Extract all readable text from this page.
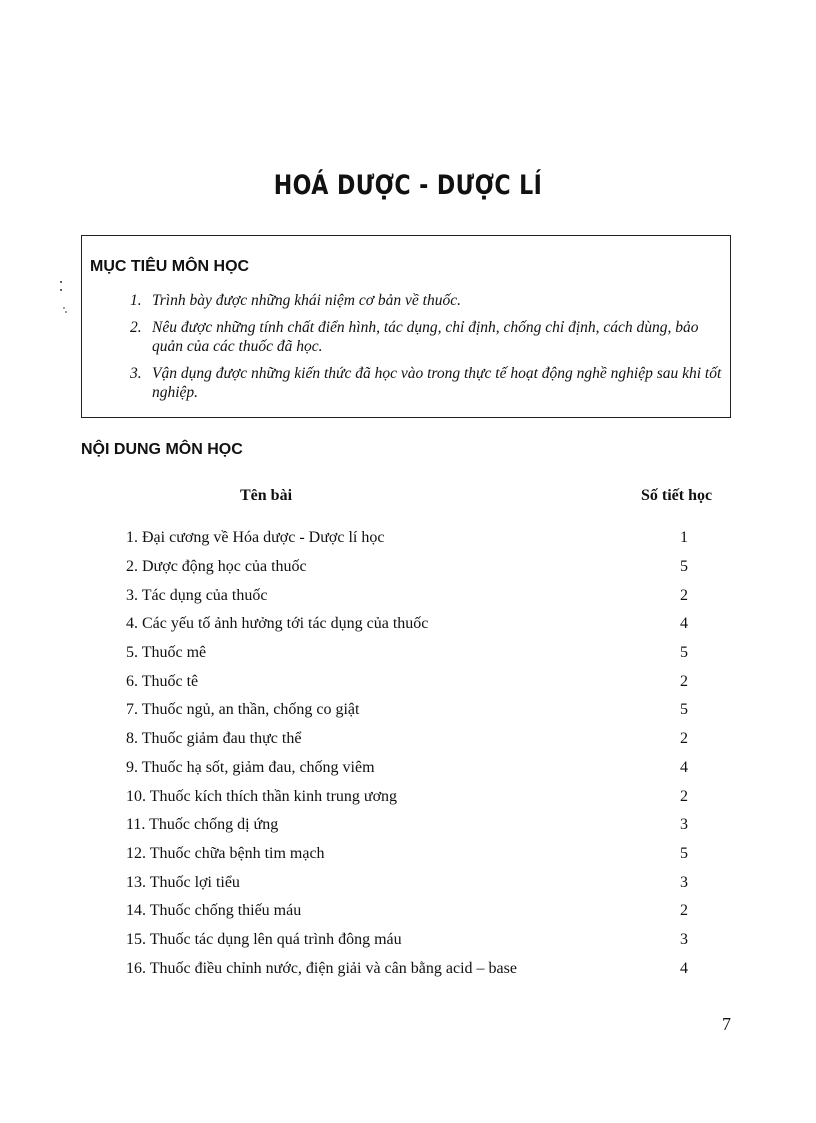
HOÁ DƯỢC - DƯỢC LÍ
MỤC TIÊU MÔN HỌC
1. Trình bày được những khái niệm cơ bản về thuốc.
2. Nêu được những tính chất điển hình, tác dụng, chỉ định, chống chỉ định, cách dùng, bảo quản của các thuốc đã học.
3. Vận dụng được những kiến thức đã học vào trong thực tế hoạt động nghề nghiệp sau khi tốt nghiệp.
NỘI DUNG MÔN HỌC
Tên bài	Số tiết học
1. Đại cương về Hóa dược - Dược lí học	1
2. Dược động học của thuốc	5
3. Tác dụng của thuốc	2
4. Các yếu tố ảnh hưởng tới tác dụng của thuốc	4
5. Thuốc mê	5
6. Thuốc tê	2
7. Thuốc ngủ, an thần, chống co giật	5
8. Thuốc giảm đau thực thể	2
9. Thuốc hạ sốt, giảm đau, chống viêm	4
10. Thuốc kích thích thần kinh trung ương	2
11. Thuốc chống dị ứng	3
12. Thuốc chữa bệnh tim mạch	5
13. Thuốc lợi tiểu	3
14. Thuốc chống thiếu máu	2
15. Thuốc tác dụng lên quá trình đông máu	3
16. Thuốc điều chỉnh nước, điện giải và cân bằng acid – base	4
7
